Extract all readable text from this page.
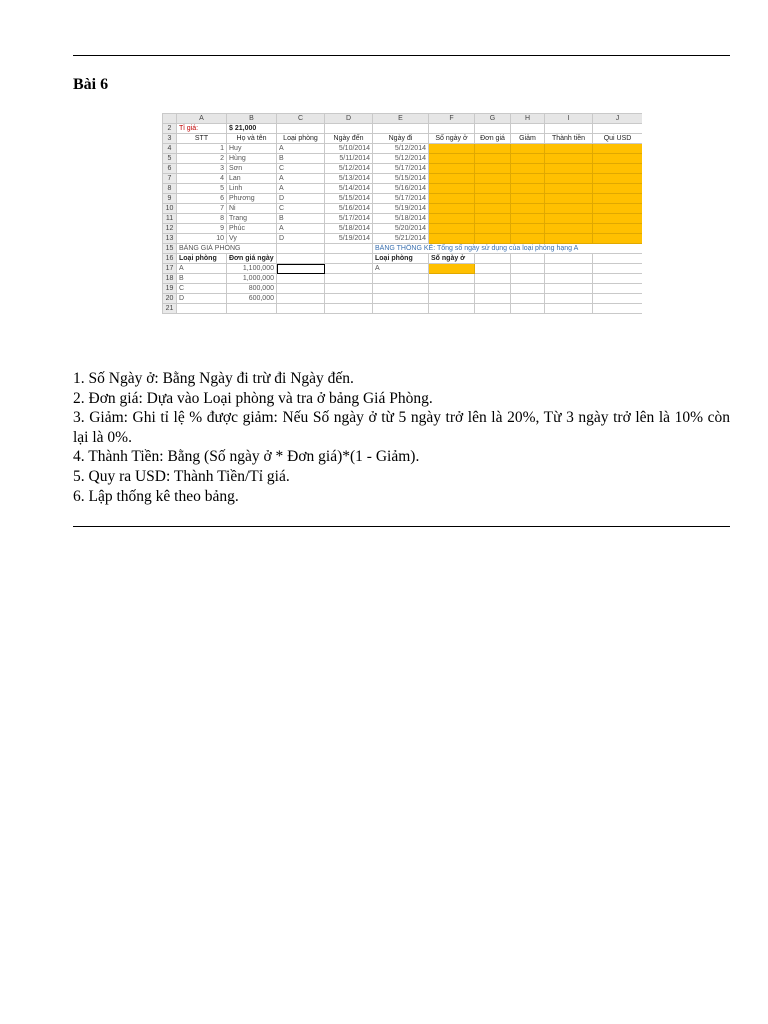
Bài 6
	A	B	C	D	E	F	G	H	I	J
2	Tỉ giá:	$ 21,000								
3	STT	Họ và tên	Loại phòng	Ngày đến	Ngày đi	Số ngày ở	Đơn giá	Giảm	Thành tiền	Qui USD
4	1	Huy	A	5/10/2014	5/12/2014					
5	2	Hùng	B	5/11/2014	5/12/2014					
6	3	Sơn	C	5/12/2014	5/17/2014					
7	4	Lan	A	5/13/2014	5/15/2014					
8	5	Linh	A	5/14/2014	5/16/2014					
9	6	Phương	D	5/15/2014	5/17/2014					
10	7	Ni	C	5/16/2014	5/19/2014					
11	8	Trang	B	5/17/2014	5/18/2014					
12	9	Phúc	A	5/18/2014	5/20/2014					
13	10	Vy	D	5/19/2014	5/21/2014					
15	BẢNG GIÁ PHÒNG				BẢNG THỐNG KÊ: Tổng số ngày sử dụng của loại phòng hạng A					
16	Loại phòng	Đơn giá ngày			Loại phòng	Số ngày ở				
17	A	1,100,000			A					
18	B	1,000,000								
19	C	800,000								
20	D	600,000								
21										

1. Số Ngày ở: Bằng Ngày đi trừ đi Ngày đến.

2. Đơn giá: Dựa vào Loại phòng và tra ở bảng Giá Phòng.

3. Giảm: Ghi tỉ lệ % được giảm: Nếu Số ngày ở từ 5 ngày trở lên là 20%, Từ 3 ngày trở lên là 10% còn lại là 0%.

4. Thành Tiền: Bằng (Số ngày ở * Đơn giá)*(1 - Giảm).

5. Quy ra USD: Thành Tiền/Tỉ giá.

6. Lập thống kê theo bảng.
